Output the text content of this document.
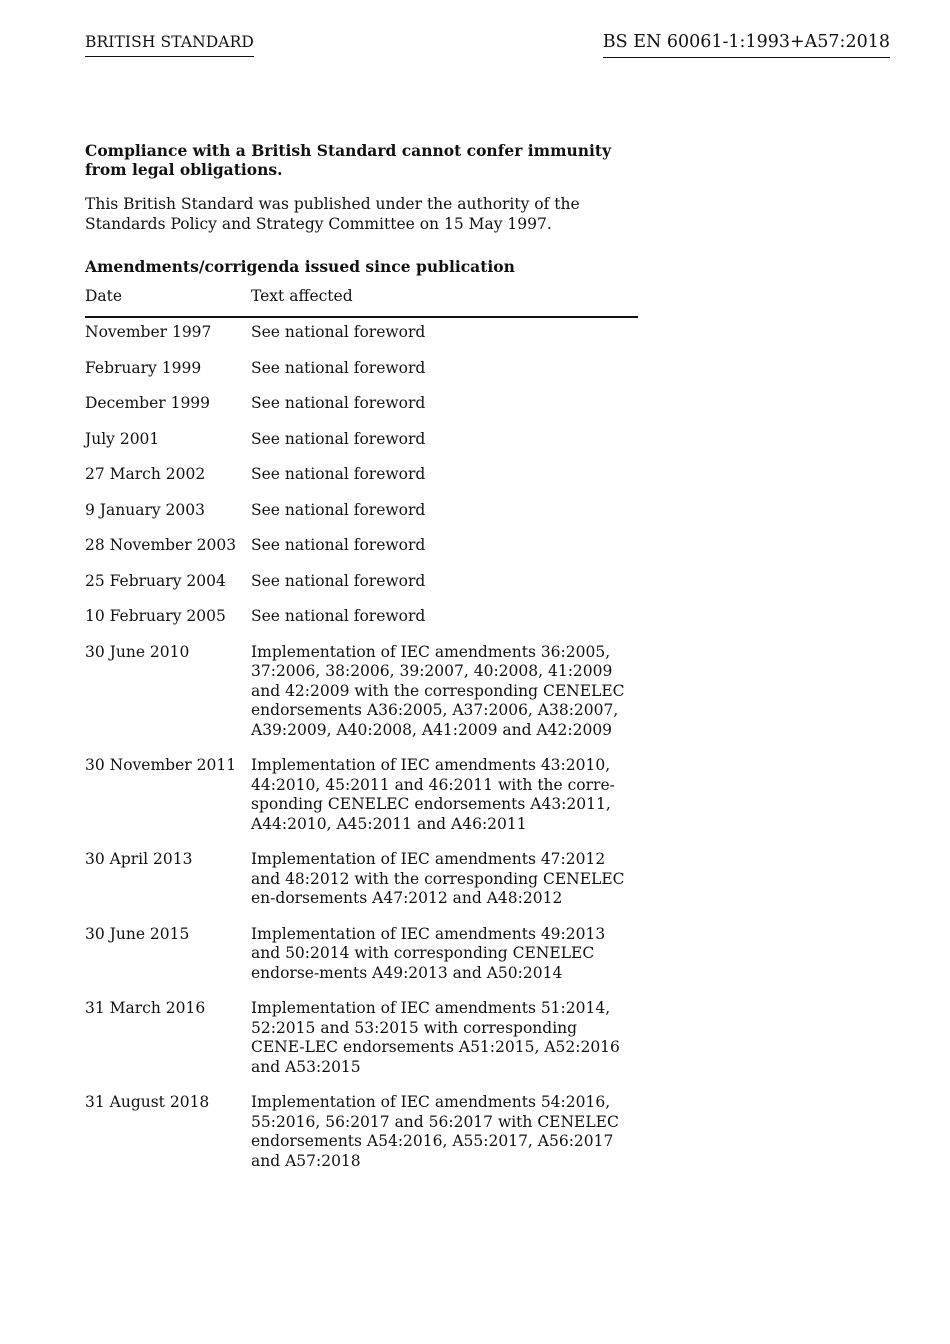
BRITISH STANDARD	BS EN 60061-1:1993+A57:2018

Compliance with a British Standard cannot confer immunity from legal obligations.

This British Standard was published under the authority of the Standards Policy and Strategy Committee on 15 May 1997.

Amendments/corrigenda issued since publication

Date	Text affected
November 1997	See national foreword
February 1999	See national foreword
December 1999	See national foreword
July 2001	See national foreword
27 March 2002	See national foreword
9 January 2003	See national foreword
28 November 2003 See national foreword
25 February 2004	See national foreword
10 February 2005	See national foreword
30 June 2010	Implementation of IEC amendments 36:2005, 37:2006, 38:2006, 39:2007, 40:2008, 41:2009 and 42:2009 with the corresponding CENELEC endorsements A36:2005, A37:2006, A38:2007, A39:2009, A40:2008, A41:2009 and A42:2009
30 November 2011 Implementation of IEC amendments 43:2010, 44:2010, 45:2011 and 46:2011 with the corre-sponding CENELEC endorsements A43:2011, A44:2010, A45:2011 and A46:2011
30 April 2013	Implementation of IEC amendments 47:2012 and 48:2012 with the corresponding CENELEC en-dorsements A47:2012 and A48:2012
30 June 2015	Implementation of IEC amendments 49:2013 and 50:2014 with corresponding CENELEC endorse-ments A49:2013 and A50:2014
31 March 2016	Implementation of IEC amendments 51:2014, 52:2015 and 53:2015 with corresponding CENE-LEC endorsements A51:2015, A52:2016 and A53:2015
31 August 2018	Implementation of IEC amendments 54:2016, 55:2016, 56:2017 and 56:2017 with CENELEC endorsements A54:2016, A55:2017, A56:2017 and A57:2018
